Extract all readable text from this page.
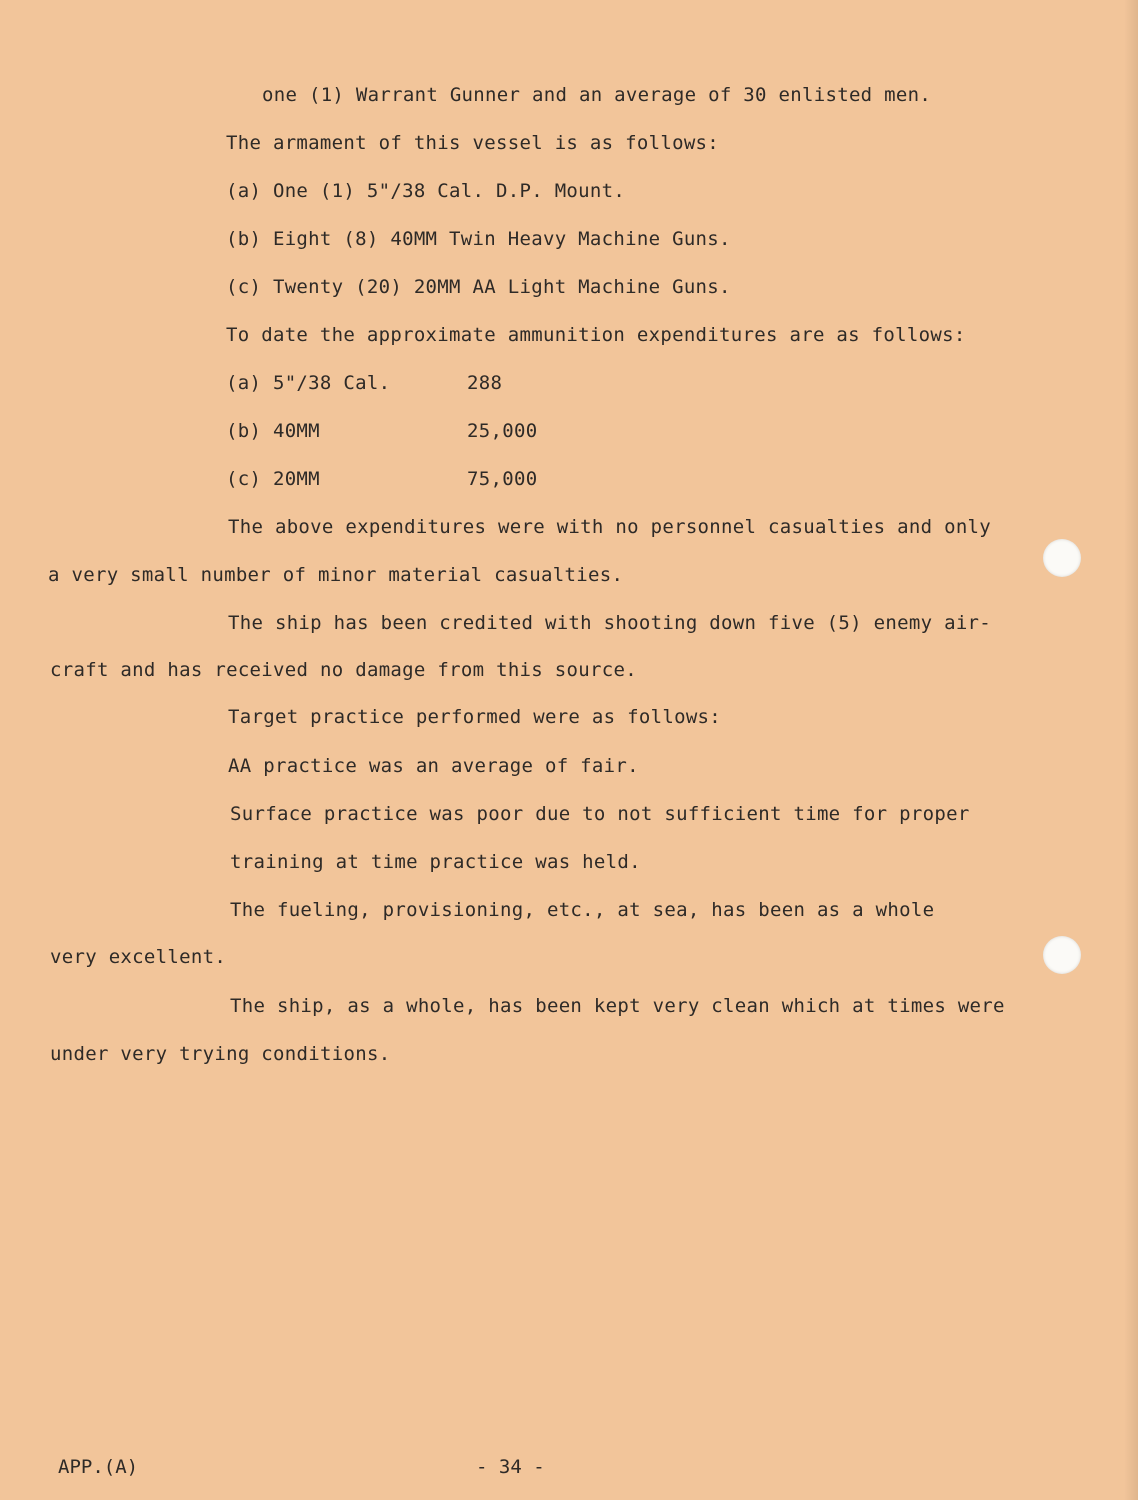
one (1) Warrant Gunner and an average of 30 enlisted men.
The armament of this vessel is as follows:
(a) One (1) 5"/38 Cal. D.P. Mount.
(b) Eight (8) 40MM Twin Heavy Machine Guns.
(c) Twenty (20) 20MM AA Light Machine Guns.
To date the approximate ammunition expenditures are as follows:
(a) 5"/38 Cal.	288
(b) 40MM	25,000
(c) 20MM	75,000
The above expenditures were with no personnel casualties and only
a very small number of minor material casualties.
The ship has been credited with shooting down five (5) enemy air-
craft and has received no damage from this source.
Target practice performed were as follows:
AA practice was an average of fair.
Surface practice was poor due to not sufficient time for proper
training at time practice was held.
The fueling, provisioning, etc., at sea, has been as a whole
very excellent.
The ship, as a whole, has been kept very clean which at times were
under very trying conditions.
APP.(A)	- 34 -
